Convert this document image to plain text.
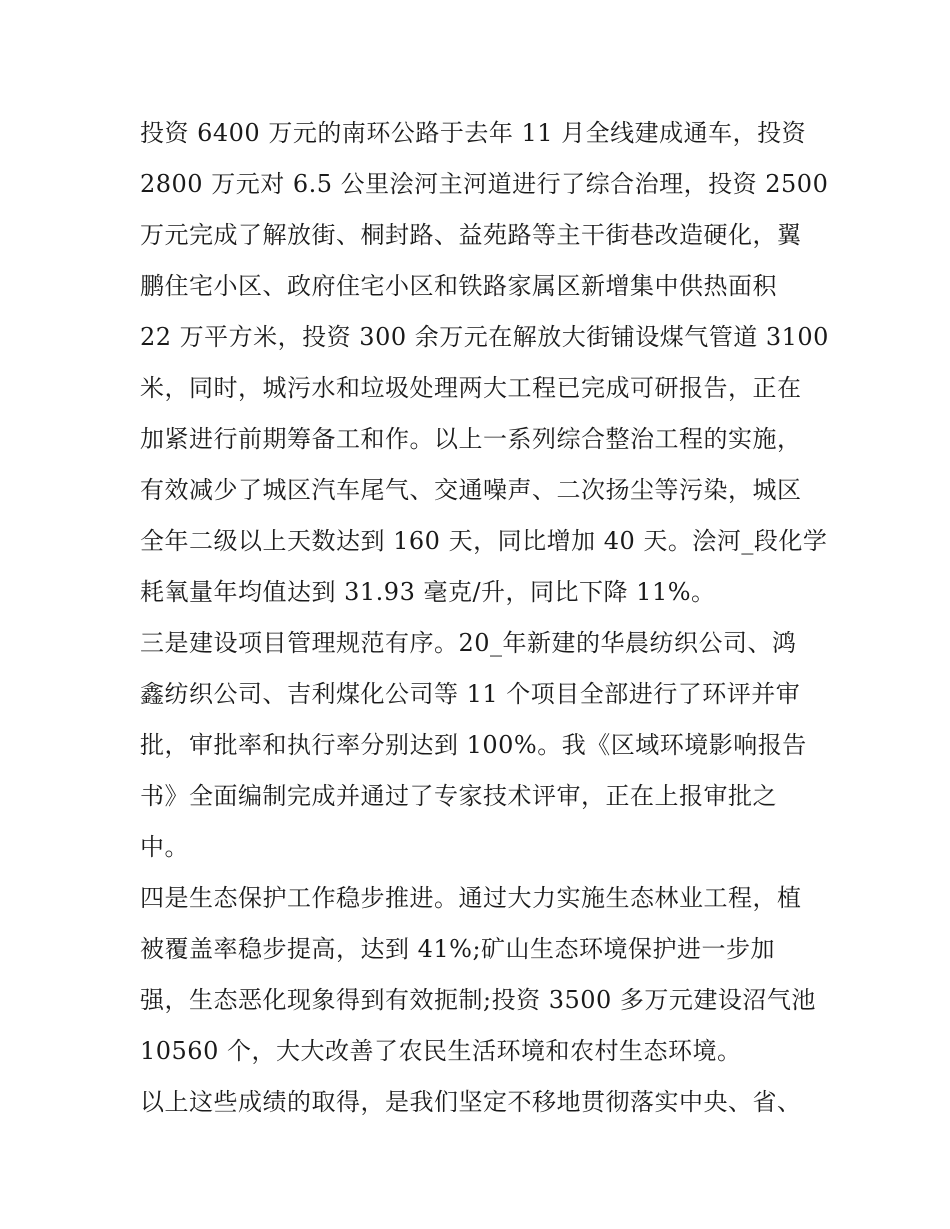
投资 6400 万元的南环公路于去年 11 月全线建成通车，投资
2800 万元对 6.5 公里浍河主河道进行了综合治理，投资 2500
万元完成了解放街、桐封路、益苑路等主干街巷改造硬化，翼
鹏住宅小区、政府住宅小区和铁路家属区新增集中供热面积
22 万平方米，投资 300 余万元在解放大街铺设煤气管道 3100
米，同时，城污水和垃圾处理两大工程已完成可研报告，正在
加紧进行前期筹备工和作。以上一系列综合整治工程的实施，
有效减少了城区汽车尾气、交通噪声、二次扬尘等污染，城区
全年二级以上天数达到 160 天，同比增加 40 天。浍河_段化学
耗氧量年均值达到 31.93 毫克/升，同比下降 11%。
三是建设项目管理规范有序。20_年新建的华晨纺织公司、鸿
鑫纺织公司、吉利煤化公司等 11 个项目全部进行了环评并审
批，审批率和执行率分别达到 100%。我《区域环境影响报告
书》全面编制完成并通过了专家技术评审，正在上报审批之
中。
四是生态保护工作稳步推进。通过大力实施生态林业工程，植
被覆盖率稳步提高，达到 41%;矿山生态环境保护进一步加
强，生态恶化现象得到有效扼制;投资 3500 多万元建设沼气池
10560 个，大大改善了农民生活环境和农村生态环境。
以上这些成绩的取得，是我们坚定不移地贯彻落实中央、省、
